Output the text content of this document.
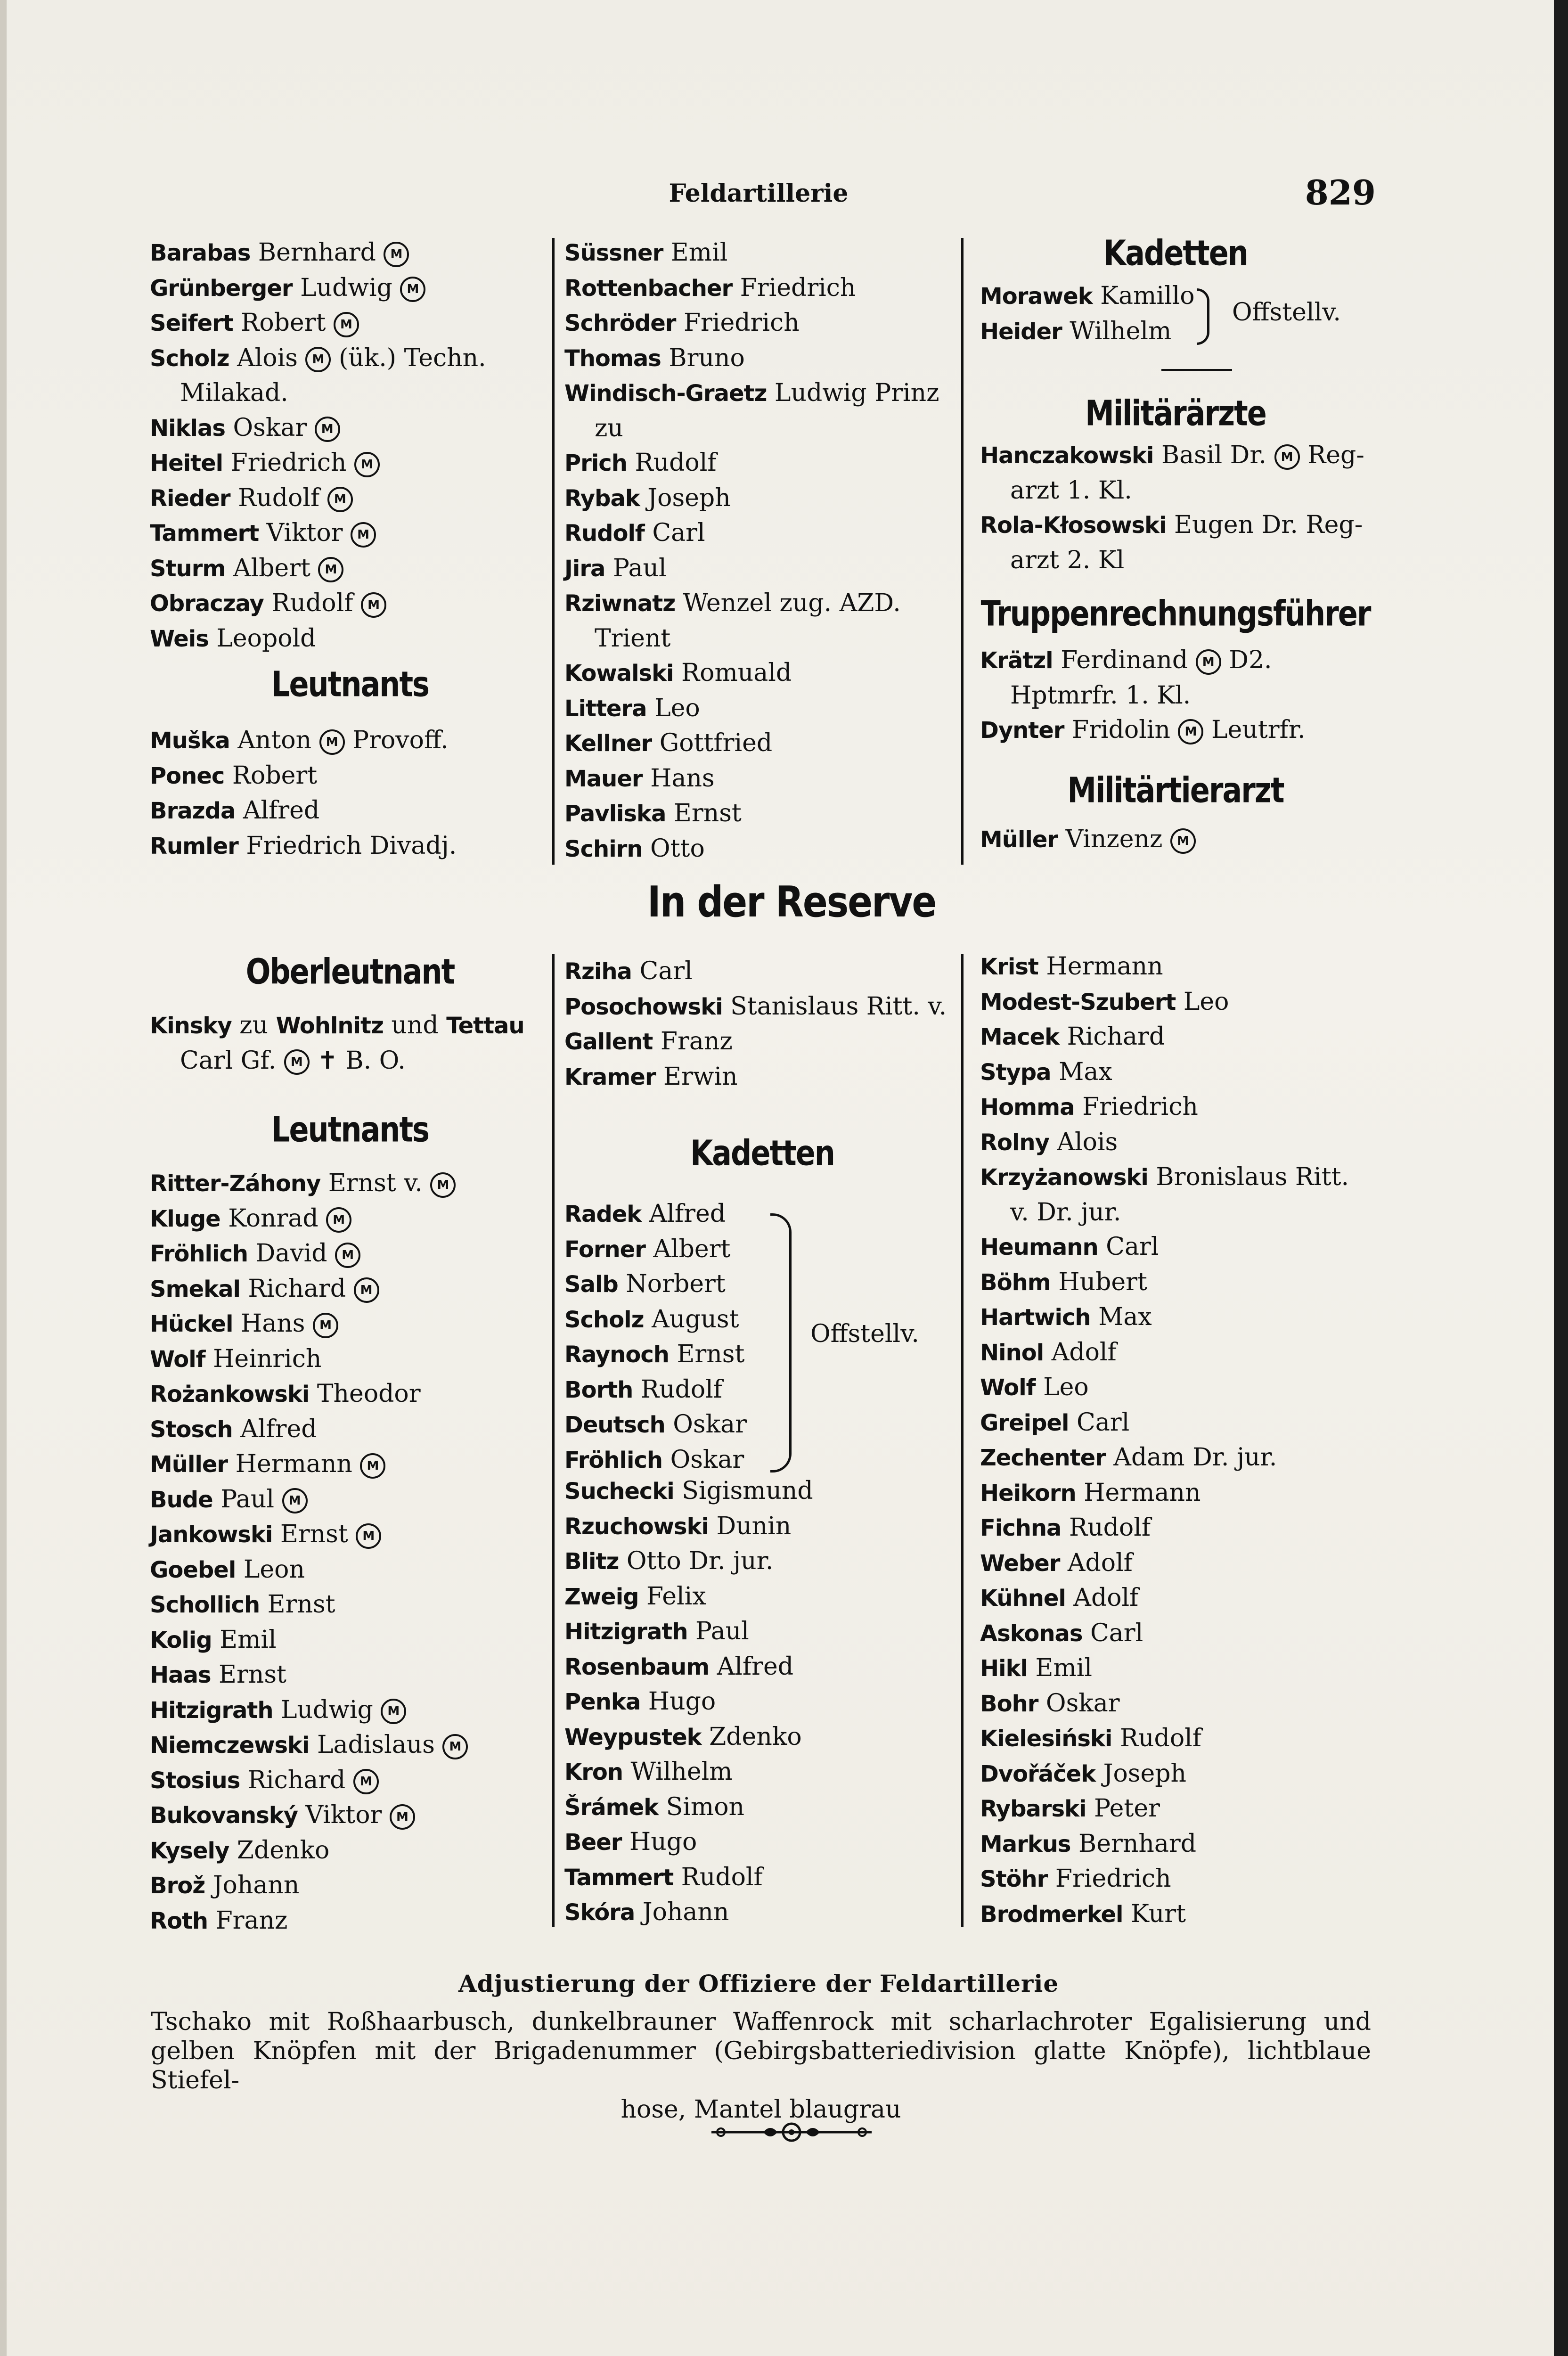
Feldartillerie	829
Barabas Bernhard M
Grünberger Ludwig M
Seifert Robert M
Scholz Alois M (ük.) Techn.
Milakad.
Niklas Oskar M
Heitel Friedrich M
Rieder Rudolf M
Tammert Viktor M
Sturm Albert M
Obraczay Rudolf M
Weis Leopold
Leutnants
Muška Anton M Provoff.
Ponec Robert
Brazda Alfred
Rumler Friedrich Divadj.
Süssner Emil
Rottenbacher Friedrich
Schröder Friedrich
Thomas Bruno
Windisch-Graetz Ludwig Prinz
zu
Prich Rudolf
Rybak Joseph
Rudolf Carl
Jira Paul
Rziwnatz Wenzel zug. AZD.
Trient
Kowalski Romuald
Littera Leo
Kellner Gottfried
Mauer Hans
Pavliska Ernst
Schirn Otto
Kadetten
Morawek Kamillo
Heider Wilhelm
Offstellv.
Militärärzte
Hanczakowski Basil Dr. M Reg-
arzt 1. Kl.
Rola-Kłosowski Eugen Dr. Reg-
arzt 2. Kl
Truppenrechnungsführer
Krätzl Ferdinand M D2.
Hptmrfr. 1. Kl.
Dynter Fridolin M Leutrfr.
Militärtierarzt
Müller Vinzenz M
In der Reserve
Oberleutnant
Kinsky zu Wohlnitz und Tettau
Carl Gf. M ✝ B. O.
Leutnants
Ritter-Záhony Ernst v. M
Kluge Konrad M
Fröhlich David M
Smekal Richard M
Hückel Hans M
Wolf Heinrich
Rożankowski Theodor
Stosch Alfred
Müller Hermann M
Bude Paul M
Jankowski Ernst M
Goebel Leon
Schollich Ernst
Kolig Emil
Haas Ernst
Hitzigrath Ludwig M
Niemczewski Ladislaus M
Stosius Richard M
Bukovanský Viktor M
Kysely Zdenko
Brož Johann
Roth Franz
Rziha Carl
Posochowski Stanislaus Ritt. v.
Gallent Franz
Kramer Erwin
Kadetten
Radek Alfred
Forner Albert
Salb Norbert
Scholz August
Raynoch Ernst
Borth Rudolf
Deutsch Oskar
Fröhlich Oskar
Offstellv.
Suchecki Sigismund
Rzuchowski Dunin
Blitz Otto Dr. jur.
Zweig Felix
Hitzigrath Paul
Rosenbaum Alfred
Penka Hugo
Weypustek Zdenko
Kron Wilhelm
Šrámek Simon
Beer Hugo
Tammert Rudolf
Skóra Johann
Krist Hermann
Modest-Szubert Leo
Macek Richard
Stypa Max
Homma Friedrich
Rolny Alois
Krzyżanowski Bronislaus Ritt.
v. Dr. jur.
Heumann Carl
Böhm Hubert
Hartwich Max
Ninol Adolf
Wolf Leo
Greipel Carl
Zechenter Adam Dr. jur.
Heikorn Hermann
Fichna Rudolf
Weber Adolf
Kühnel Adolf
Askonas Carl
Hikl Emil
Bohr Oskar
Kielesiński Rudolf
Dvořáček Joseph
Rybarski Peter
Markus Bernhard
Stöhr Friedrich
Brodmerkel Kurt
Adjustierung der Offiziere der Feldartillerie
Tschako mit Roßhaarbusch, dunkelbrauner Waffenrock mit scharlachroter Egalisierung und gelben Knöpfen mit der Brigadenummer (Gebirgsbatteriedivision glatte Knöpfe), lichtblaue Stiefel-
hose, Mantel blaugrau
